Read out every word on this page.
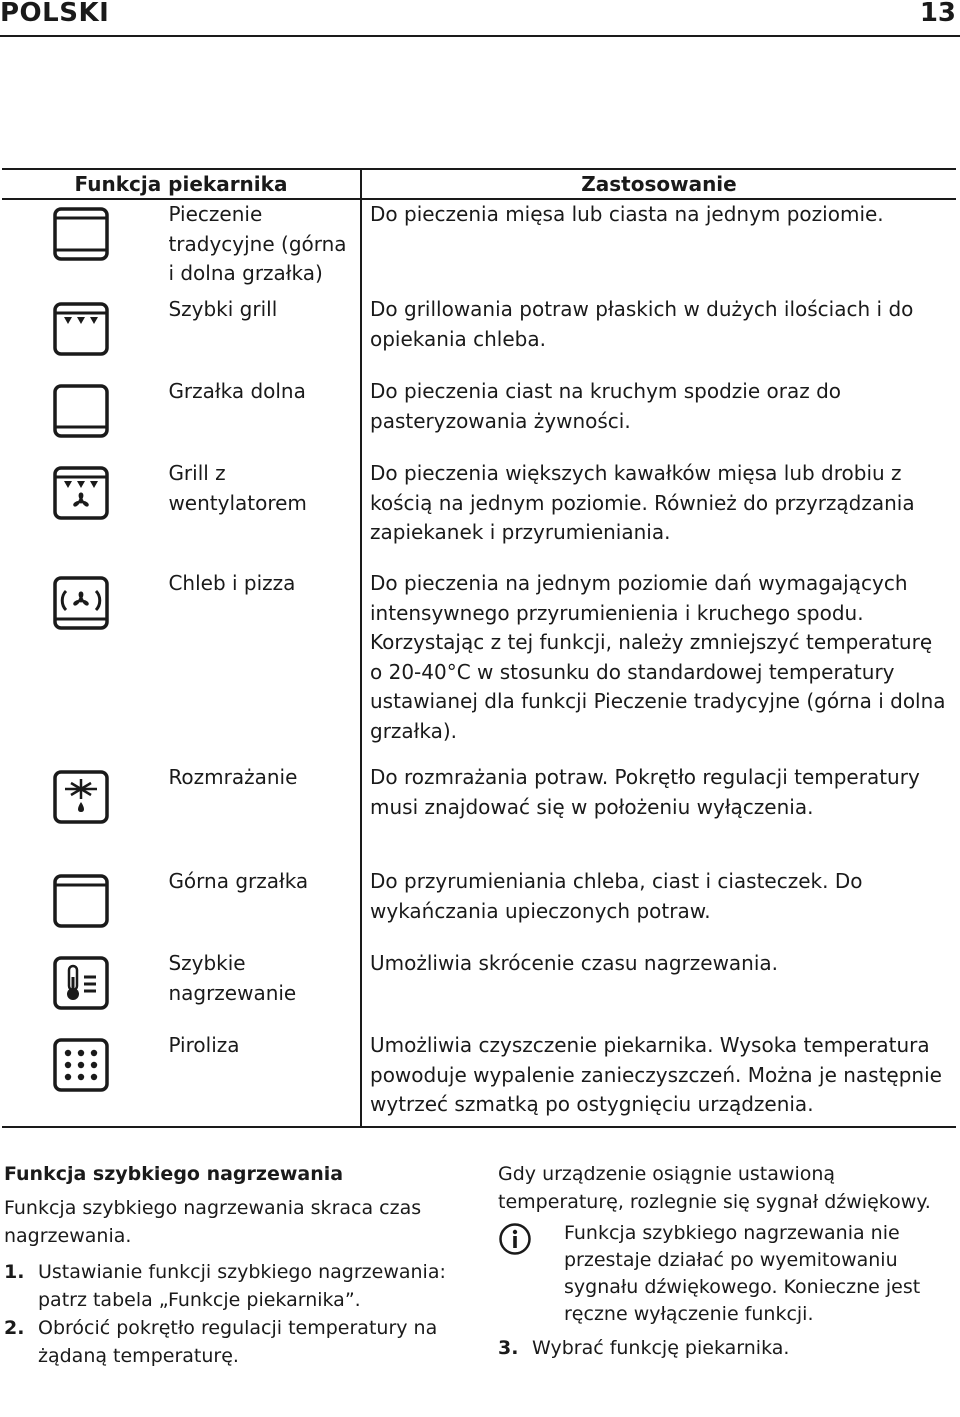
POLSKI	13
Funkcja piekarnika		Zastosowanie

	Pieczenie tradycyjne (górna i dolna grzałka)	Do pieczenia mięsa lub ciasta na jednym poziomie.

	Szybki grill	Do grillowania potraw płaskich w dużych ilościach i do opiekania chleba.

	Grzałka dolna	Do pieczenia ciast na kruchym spodzie oraz do pasteryzowania żywności.

	Grill z wentylatorem	Do pieczenia większych kawałków mięsa lub drobiu z kością na jednym poziomie. Również do przyrządzania zapiekanek i przyrumieniania.

	Chleb i pizza	Do pieczenia na jednym poziomie dań wymagających intensywnego przyrumienienia i kruchego spodu. Korzystając z tej funkcji, należy zmniejszyć temperaturę o 20-40°C w stosunku do standardowej temperatury ustawianej dla funkcji Pieczenie tradycyjne (górna i dolna grzałka).

	Rozmrażanie	Do rozmrażania potraw. Pokrętło regulacji temperatury musi znajdować się w położeniu wyłączenia.

	Górna grzałka	Do przyrumieniania chleba, ciast i ciasteczek. Do wykańczania upieczonych potraw.

	Szybkie nagrzewanie	Umożliwia skrócenie czasu nagrzewania.

	Piroliza	Umożliwia czyszczenie piekarnika. Wysoka temperatura powoduje wypalenie zanieczyszczeń. Można je następnie wytrzeć szmatką po ostygnięciu urządzenia.
Funkcja szybkiego nagrzewania
Funkcja szybkiego nagrzewania skraca czas nagrzewania.
1. Ustawianie funkcji szybkiego nagrzewania: patrz tabela „Funkcje piekarnika”.
2. Obrócić pokrętło regulacji temperatury na żądaną temperaturę.
Gdy urządzenie osiągnie ustawioną temperaturę, rozlegnie się sygnał dźwiękowy.
Funkcja szybkiego nagrzewania nie przestaje działać po wyemitowaniu sygnału dźwiękowego. Konieczne jest ręczne wyłączenie funkcji.
3. Wybrać funkcję piekarnika.
